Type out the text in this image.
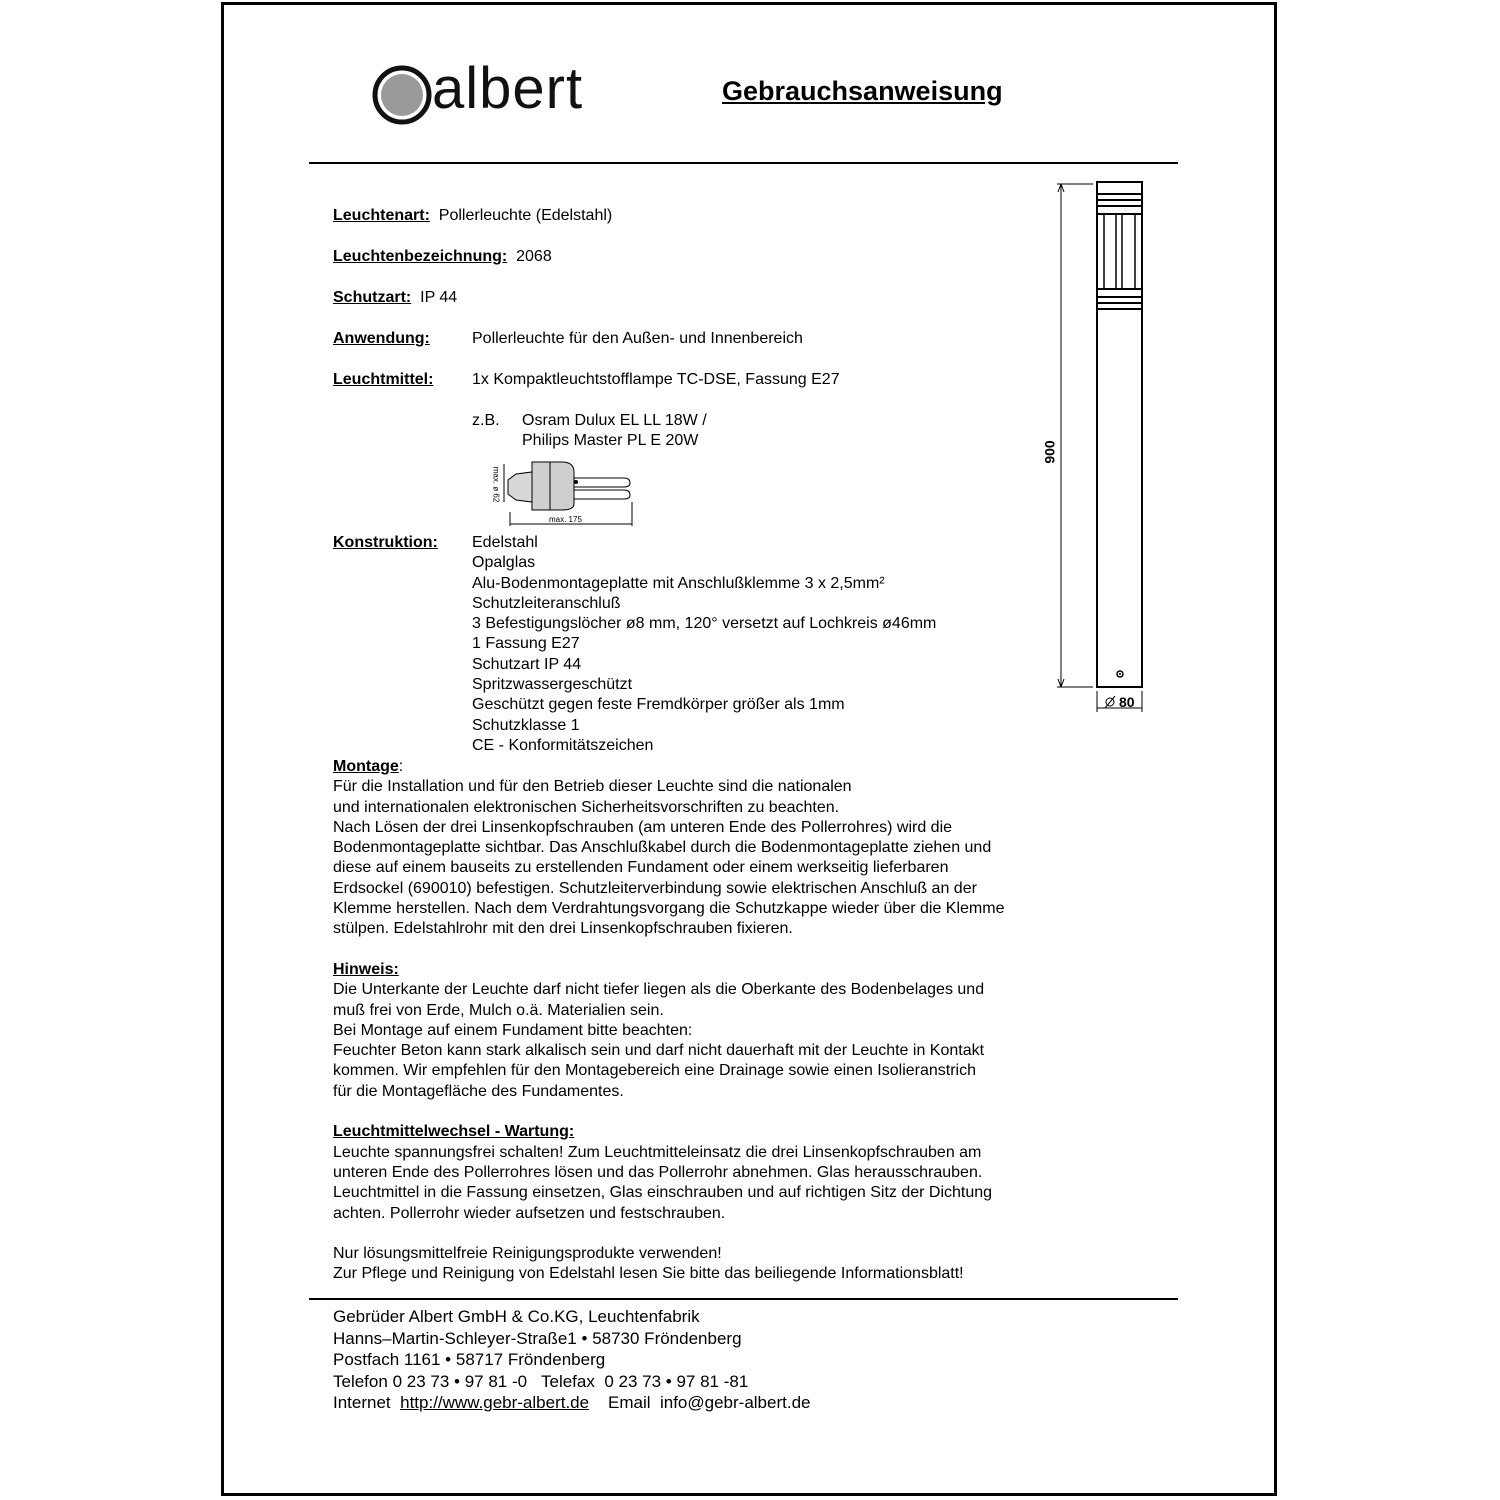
albert	Gebrauchsanweisung
Leuchtenart: Pollerleuchte (Edelstahl)
Leuchtenbezeichnung: 2068
Schutzart: IP 44
Anwendung:	Pollerleuchte für den Außen- und Innenbereich
Leuchtmittel: 1x Kompaktleuchtstofflampe TC-DSE, Fassung E27
z.B. Osram Dulux EL LL 18W /
Philips Master PL E 20W
max. 175
max. ø 62
Konstruktion: Edelstahl
Opalglas
Alu-Bodenmontageplatte mit Anschlußklemme 3 x 2,5mm²
Schutzleiteranschluß
3 Befestigungslöcher ø8 mm, 120° versetzt auf Lochkreis ø46mm
1 Fassung E27
Schutzart IP 44
Spritzwassergeschützt
Geschützt gegen feste Fremdkörper größer als 1mm
Schutzklasse 1
CE - Konformitätszeichen
Montage:
Für die Installation und für den Betrieb dieser Leuchte sind die nationalen
und internationalen elektronischen Sicherheitsvorschriften zu beachten.
Nach Lösen der drei Linsenkopfschrauben (am unteren Ende des Pollerrohres) wird die
Bodenmontageplatte sichtbar. Das Anschlußkabel durch die Bodenmontageplatte ziehen und
diese auf einem bauseits zu erstellenden Fundament oder einem werkseitig lieferbaren
Erdsockel (690010) befestigen. Schutzleiterverbindung sowie elektrischen Anschluß an der
Klemme herstellen. Nach dem Verdrahtungsvorgang die Schutzkappe wieder über die Klemme
stülpen. Edelstahlrohr mit den drei Linsenkopfschrauben fixieren.
Hinweis:
Die Unterkante der Leuchte darf nicht tiefer liegen als die Oberkante des Bodenbelages und
muß frei von Erde, Mulch o.ä. Materialien sein.
Bei Montage auf einem Fundament bitte beachten:
Feuchter Beton kann stark alkalisch sein und darf nicht dauerhaft mit der Leuchte in Kontakt
kommen. Wir empfehlen für den Montagebereich eine Drainage sowie einen Isolieranstrich
für die Montagefläche des Fundamentes.
Leuchtmittelwechsel - Wartung:
Leuchte spannungsfrei schalten! Zum Leuchtmitteleinsatz die drei Linsenkopfschrauben am
unteren Ende des Pollerrohres lösen und das Pollerrohr abnehmen. Glas herausschrauben.
Leuchtmittel in die Fassung einsetzen, Glas einschrauben und auf richtigen Sitz der Dichtung
achten. Pollerrohr wieder aufsetzen und festschrauben.
Nur lösungsmittelfreie Reinigungsprodukte verwenden!
Zur Pflege und Reinigung von Edelstahl lesen Sie bitte das beiliegende Informationsblatt!
900
80
Gebrüder Albert GmbH & Co.KG, Leuchtenfabrik
Hanns–Martin-Schleyer-Straße1 • 58730 Fröndenberg
Postfach 1161 • 58717 Fröndenberg
Telefon 0 23 73 • 97 81 -0 Telefax 0 23 73 • 97 81 -81
Internet http://www.gebr-albert.de Email info@gebr-albert.de
